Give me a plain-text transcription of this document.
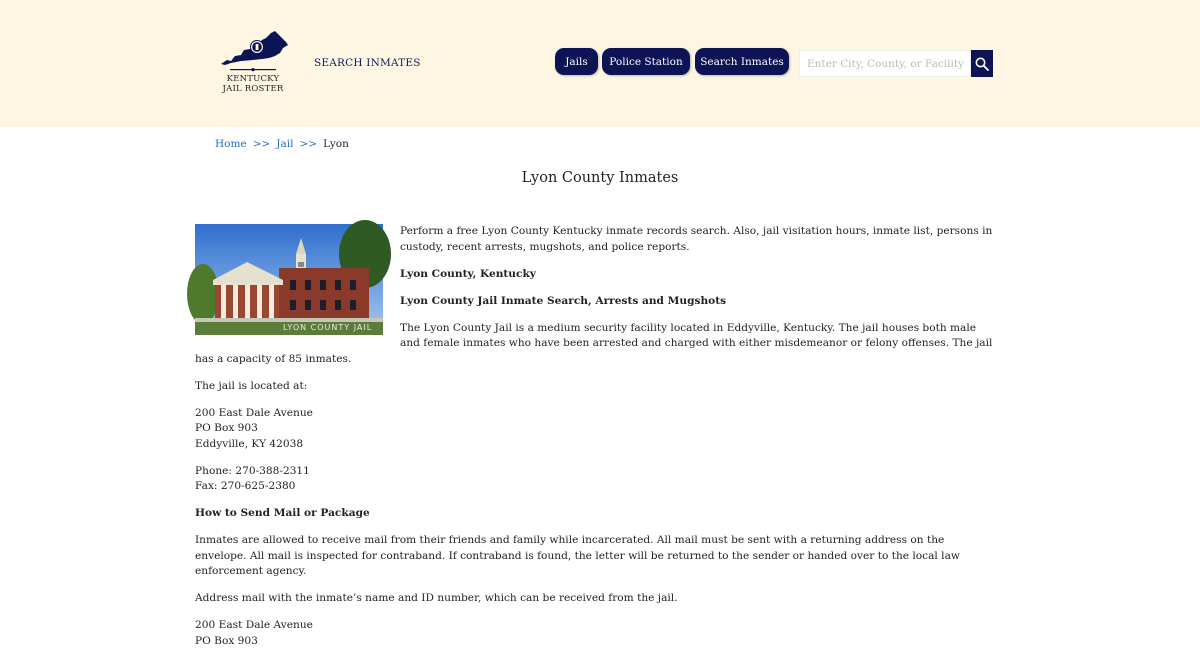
KENTUCKY
JAIL ROSTER
SEARCH INMATES	Jails	Police Station	Search Inmates	Enter City, County, or Facility
Home >> Jail >> Lyon
Lyon County Inmates
LYON COUNTY JAIL

Perform a free Lyon County Kentucky inmate records search. Also, jail visitation hours, inmate list, persons in custody, recent arrests, mugshots, and police reports.

Lyon County, Kentucky

Lyon County Jail Inmate Search, Arrests and Mugshots

The Lyon County Jail is a medium security facility located in Eddyville, Kentucky. The jail houses both male and female inmates who have been arrested and charged with either misdemeanor or felony offenses. The jail has a capacity of 85 inmates.

The jail is located at:

200 East Dale Avenue
PO Box 903
Eddyville, KY 42038

Phone: 270-388-2311
Fax: 270-625-2380

How to Send Mail or Package

Inmates are allowed to receive mail from their friends and family while incarcerated. All mail must be sent with a returning address on the envelope. All mail is inspected for contraband. If contraband is found, the letter will be returned to the sender or handed over to the local law enforcement agency.

Address mail with the inmate’s name and ID number, which can be received from the jail.

200 East Dale Avenue
PO Box 903
